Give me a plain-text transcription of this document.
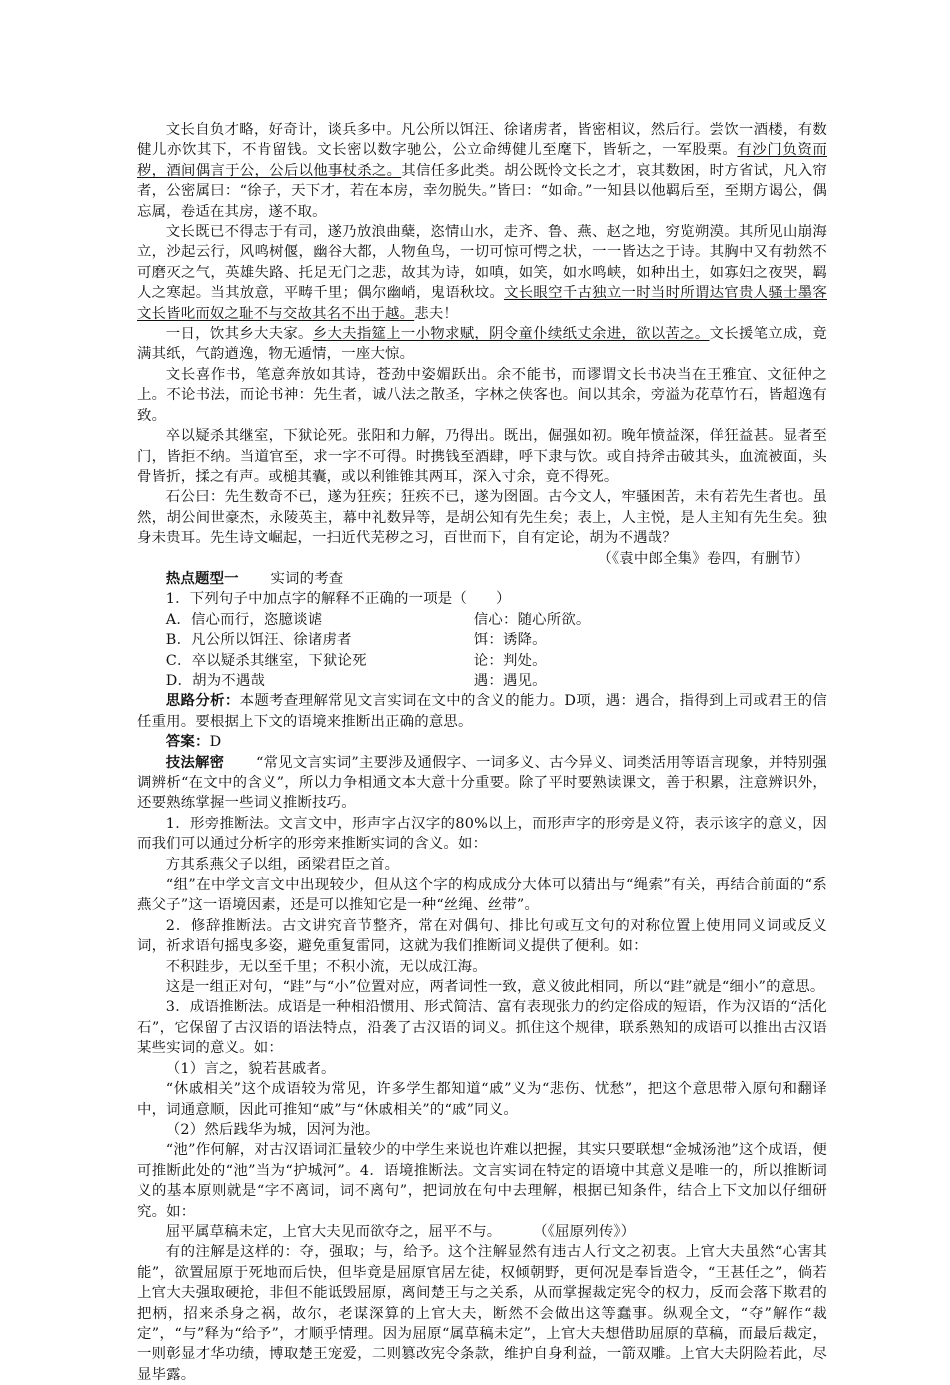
文长自负才略，好奇计，谈兵多中。凡公所以饵汪、徐诸虏者，皆密相议，然后行。尝饮一酒楼，有数健儿亦饮其下，不肯留钱。文长密以数字驰公，公立命缚健儿至麾下，皆斩之，一军股栗。有沙门负资而秽，酒间偶言于公，公后以他事杖杀之。其信任多此类。胡公既怜文长之才，哀其数困，时方省试，凡入帘者，公密属曰：“徐子，天下才，若在本房，幸勿脱失。”皆曰：“如命。”一知县以他羁后至，至期方谒公，偶忘属，卷适在其房，遂不取。

文长既已不得志于有司，遂乃放浪曲蘖，恣情山水，走齐、鲁、燕、赵之地，穷览朔漠。其所见山崩海立，沙起云行，风鸣树偃，幽谷大都，人物鱼鸟，一切可惊可愕之状，一一皆达之于诗。其胸中又有勃然不可磨灭之气，英雄失路、托足无门之悲，故其为诗，如嗔，如笑，如水鸣峡，如种出土，如寡妇之夜哭，羁人之寒起。当其放意，平畴千里；偶尔幽峭，鬼语秋坟。文长眼空千古独立一时当时所谓达官贵人骚士墨客文长皆叱而奴之耻不与交故其名不出于越。悲夫！

一日，饮其乡大夫家。乡大夫指筵上一小物求赋，阴令童仆续纸丈余进，欲以苦之。文长援笔立成，竟满其纸，气韵遒逸，物无遁情，一座大惊。

文长喜作书，笔意奔放如其诗，苍劲中姿媚跃出。余不能书，而谬谓文长书决当在王雅宜、文征仲之上。不论书法，而论书神：先生者，诚八法之散圣，字林之侠客也。间以其余，旁溢为花草竹石，皆超逸有致。

卒以疑杀其继室，下狱论死。张阳和力解，乃得出。既出，倔强如初。晚年愤益深，佯狂益甚。显者至门，皆拒不纳。当道官至，求一字不可得。时携钱至酒肆，呼下隶与饮。或自持斧击破其头，血流被面，头骨皆折，揉之有声。或槌其囊，或以利锥锥其两耳，深入寸余，竟不得死。

石公曰：先生数奇不已，遂为狂疾；狂疾不已，遂为囹圄。古今文人，牢骚困苦，未有若先生者也。虽然，胡公间世豪杰，永陵英主，幕中礼数异等，是胡公知有先生矣；表上，人主悦，是人主知有先生矣。独身未贵耳。先生诗文崛起，一扫近代芜秽之习，百世而下，自有定论，胡为不遇哉？

（《袁中郎全集》卷四，有删节）

热点题型一 实词的考查

1．下列句子中加点字的解释不正确的一项是（　　）

A．信心而行，恣臆谈谑	信心：随心所欲。
B．凡公所以饵汪、徐诸虏者	饵：诱降。
C．卒以疑杀其继室，下狱论死	论：判处。
D．胡为不遇哉	遇：遇见。

思路分析：本题考查理解常见文言实词在文中的含义的能力。D项，遇：遇合，指得到上司或君王的信任重用。要根据上下文的语境来推断出正确的意思。

答案：D

技法解密 “常见文言实词”主要涉及通假字、一词多义、古今异义、词类活用等语言现象，并特别强调辨析“在文中的含义”，所以力争相通文本大意十分重要。除了平时要熟读课文，善于积累，注意辨识外，还要熟练掌握一些词义推断技巧。

1．形旁推断法。文言文中，形声字占汉字的80%以上，而形声字的形旁是义符，表示该字的意义，因而我们可以通过分析字的形旁来推断实词的含义。如：

方其系燕父子以组，函梁君臣之首。

“组”在中学文言文中出现较少，但从这个字的构成成分大体可以猜出与“绳索”有关，再结合前面的“系燕父子”这一语境因素，还是可以推知它是一种“丝绳、丝带”。

2．修辞推断法。古文讲究音节整齐，常在对偶句、排比句或互文句的对称位置上使用同义词或反义词，祈求语句摇曳多姿，避免重复雷同，这就为我们推断词义提供了便利。如：

不积跬步，无以至千里；不积小流，无以成江海。

这是一组正对句，“跬”与“小”位置对应，两者词性一致，意义彼此相同，所以“跬”就是“细小”的意思。

3．成语推断法。成语是一种相沿惯用、形式简洁、富有表现张力的约定俗成的短语，作为汉语的“活化石”，它保留了古汉语的语法特点，沿袭了古汉语的词义。抓住这个规律，联系熟知的成语可以推出古汉语某些实词的意义。如：

（1）言之，貌若甚戚者。

“休戚相关”这个成语较为常见，许多学生都知道“戚”义为“悲伤、忧愁”，把这个意思带入原句和翻译中，词通意顺，因此可推知“戚”与“休戚相关”的“戚”同义。

（2）然后践华为城，因河为池。

“池”作何解，对古汉语词汇量较少的中学生来说也许难以把握，其实只要联想“金城汤池”这个成语，便可推断此处的“池”当为“护城河”。4．语境推断法。文言实词在特定的语境中其意义是唯一的，所以推断词义的基本原则就是“字不离词，词不离句”，把词放在句中去理解，根据已知条件，结合上下文加以仔细研究。如：

屈平属草稿未定，上官大夫见而欲夺之，屈平不与。 （《屈原列传》）

有的注解是这样的：夺，强取；与，给予。这个注解显然有违古人行文之初衷。上官大夫虽然“心害其能”，欲置屈原于死地而后快，但毕竟是屈原官居左徒，权倾朝野，更何况是奉旨造令，“王甚任之”，倘若上官大夫强取硬抢，非但不能诋毁屈原，离间楚王与之关系，从而掌握裁定宪令的权力，反而会落下欺君的把柄，招来杀身之祸，故尔，老谋深算的上官大夫，断然不会做出这等蠢事。纵观全文，“夺”解作“裁定”，“与”释为“给予”，才顺乎情理。因为屈原“属草稿未定”，上官大夫想借助屈原的草稿，而最后裁定，一则彰显才华功绩，博取楚王宠爱，二则篡改宪令条款，维护自身利益，一箭双雕。上官大夫阴险若此，尽显毕露。
